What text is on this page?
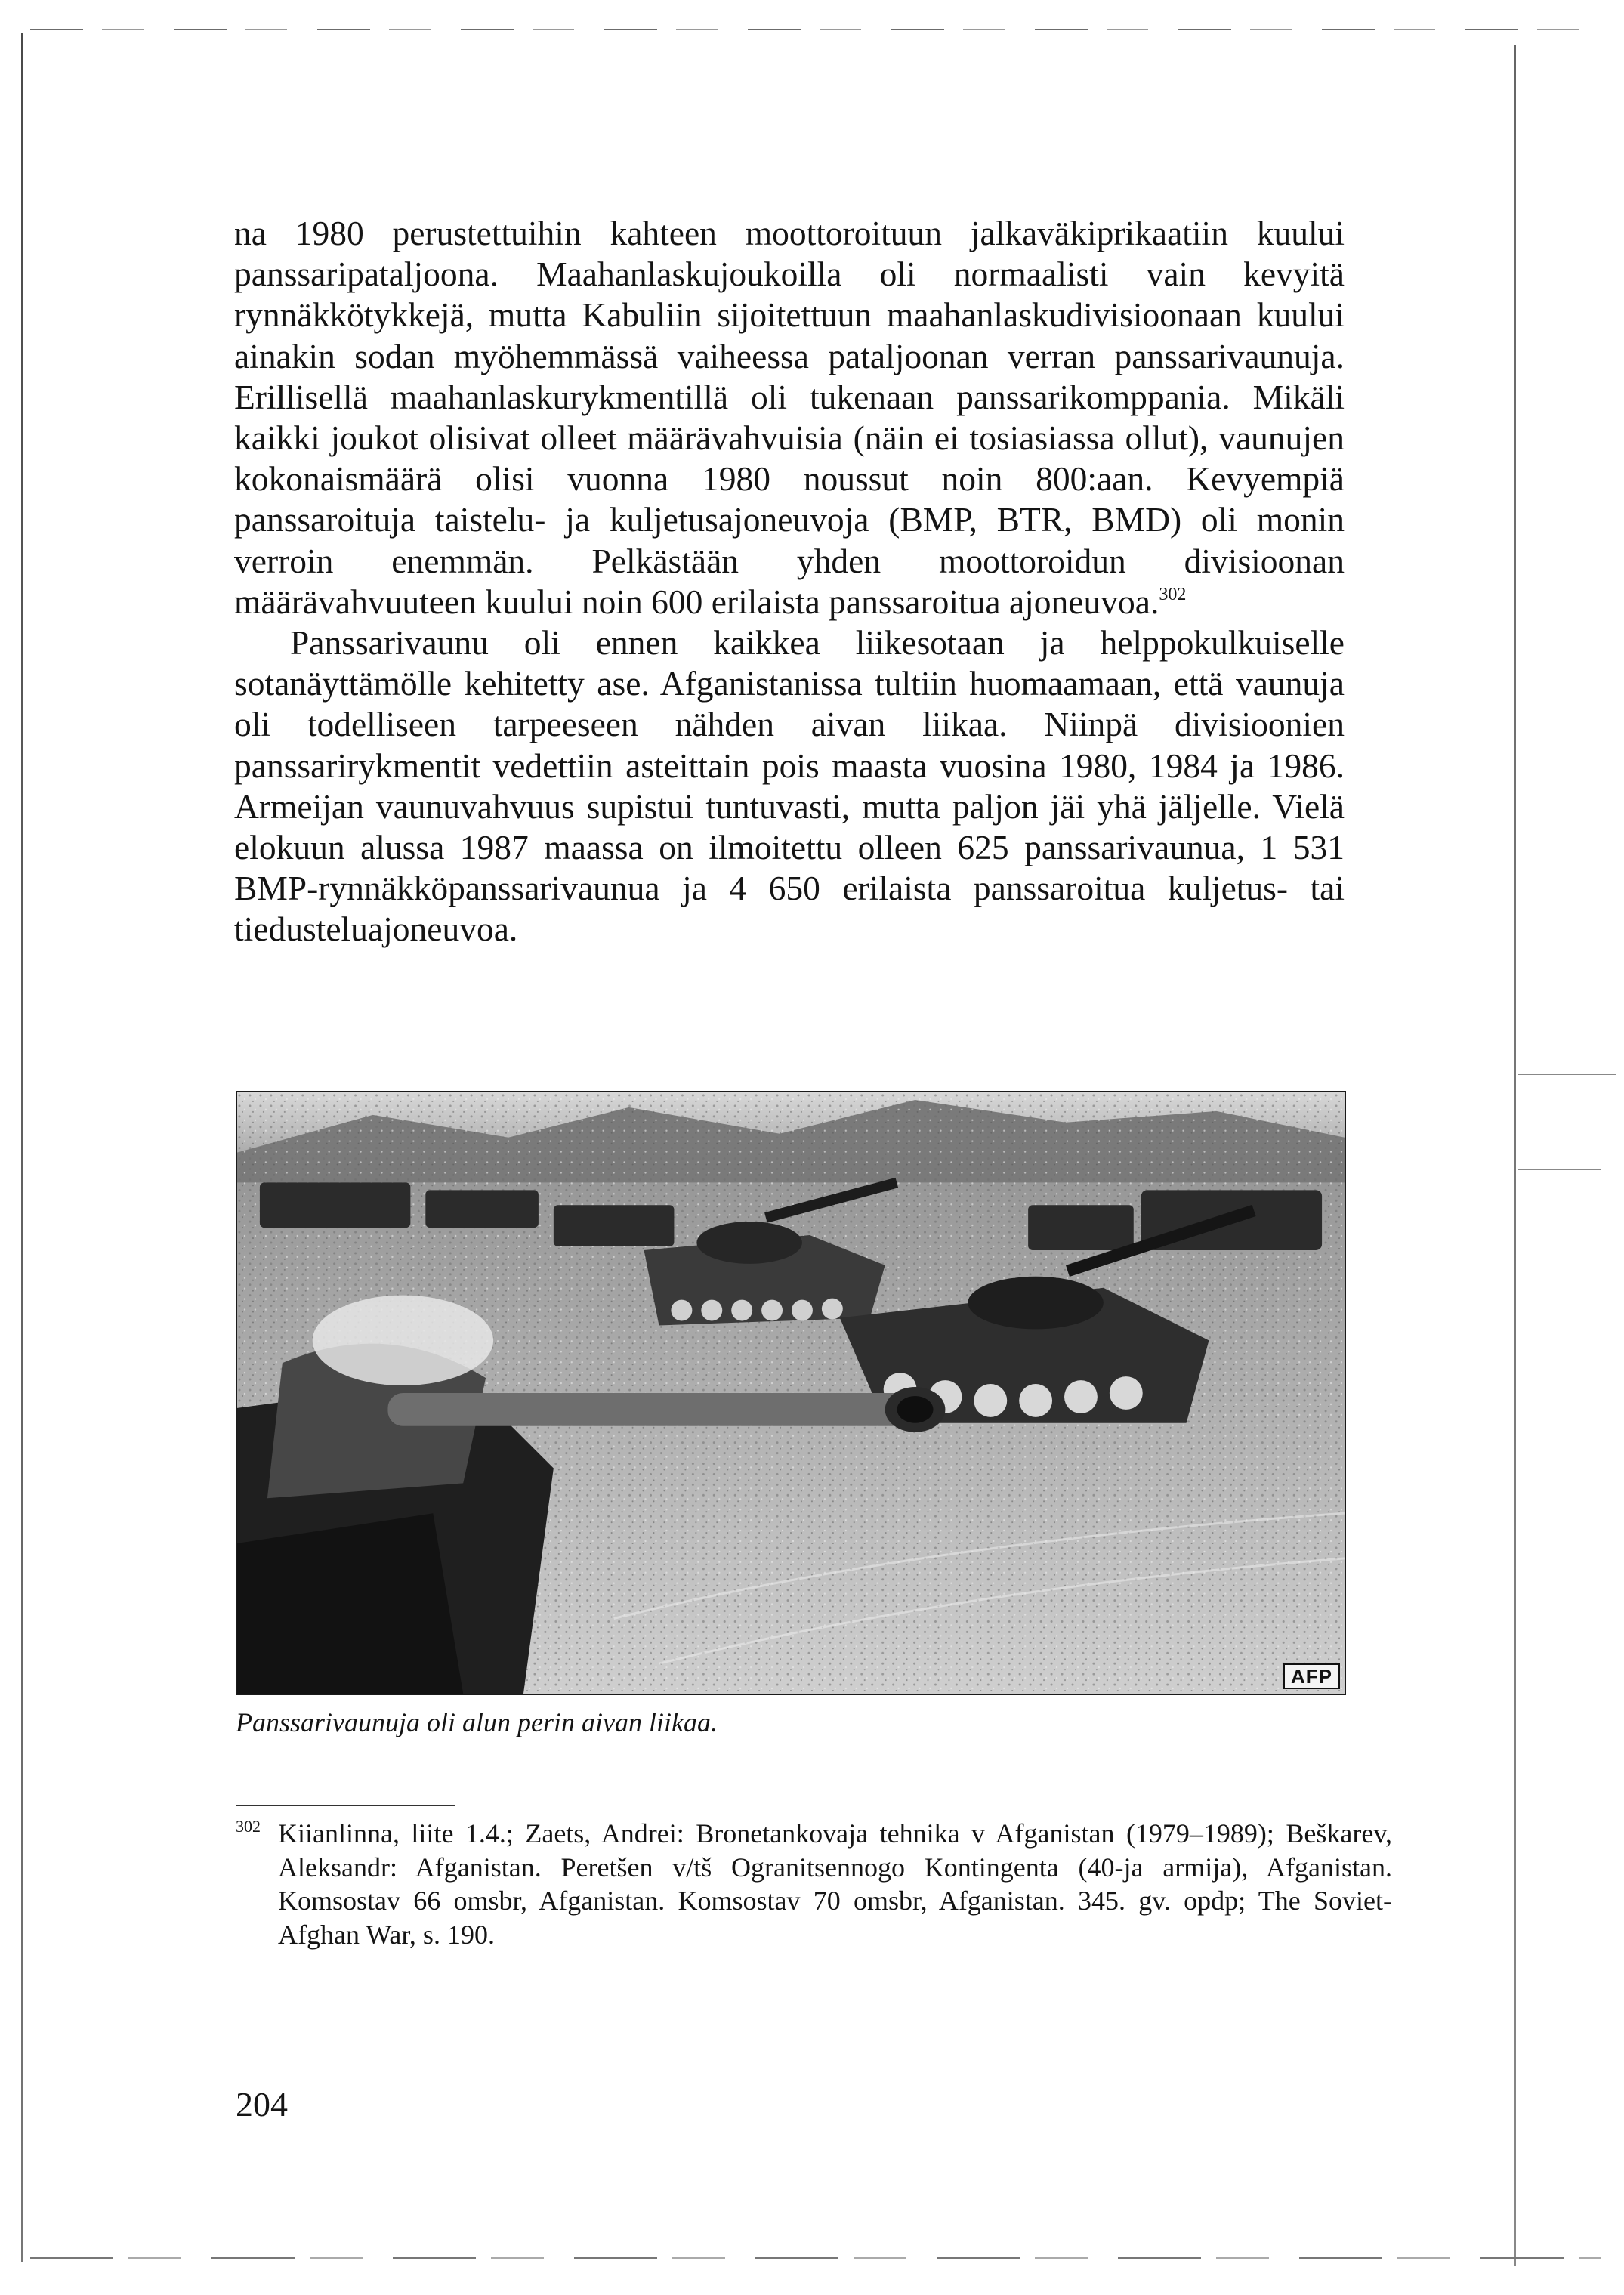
na 1980 perustettuihin kahteen moottoroituun jalkaväkiprikaatiin kuului panssaripataljoona. Maahanlaskujoukoilla oli normaalisti vain kevyitä rynnäkkötykkejä, mutta Kabuliin sijoitettuun maahanlaskudivisioonaan kuului ainakin sodan myöhemmässä vaiheessa pataljoonan verran panssarivaunuja. Erillisellä maahanlaskurykmentillä oli tukenaan panssarikomppania. Mikäli kaikki joukot olisivat olleet määrävahvuisia (näin ei tosiasiassa ollut), vaunujen kokonaismäärä olisi vuonna 1980 noussut noin 800:aan. Kevyempiä panssaroituja taistelu- ja kuljetusajoneuvoja (BMP, BTR, BMD) oli monin verroin enemmän. Pelkästään yhden moottoroidun divisioonan määrävahvuuteen kuului noin 600 erilaista panssaroitua ajoneuvoa.$^{302}$

Panssarivaunu oli ennen kaikkea liikesotaan ja helppokulkuiselle sotanäyttämölle kehitetty ase. Afganistanissa tultiin huomaamaan, että vaunuja oli todelliseen tarpeeseen nähden aivan liikaa. Niinpä divisioonien panssarirykmentit vedettiin asteittain pois maasta vuosina 1980, 1984 ja 1986. Armeijan vaunuvahvuus supistui tuntuvasti, mutta paljon jäi yhä jäljelle. Vielä elokuun alussa 1987 maassa on ilmoitettu olleen 625 panssarivaunua, 1 531 BMP-rynnäkköpanssarivaunua ja 4 650 erilaista panssaroitua kuljetus- tai tiedusteluajoneuvoa.

AFP

Panssarivaunuja oli alun perin aivan liikaa.

302 Kiianlinna, liite 1.4.; Zaets, Andrei: Bronetankovaja tehnika v Afganistan (1979–1989); Beškarev, Aleksandr: Afganistan. Peretšen v/tš Ogranitsennogo Kontingenta (40-ja armija), Afganistan. Komsostav 66 omsbr, Afganistan. Komsostav 70 omsbr, Afganistan. 345. gv. opdp; The Soviet-Afghan War, s. 190.

204
